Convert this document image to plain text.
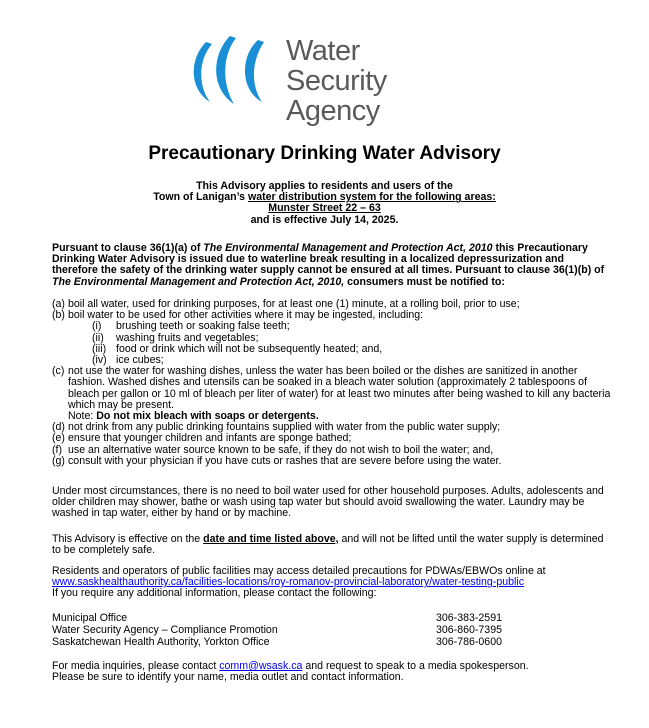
Water Security
Agency
Precautionary Drinking Water Advisory
This Advisory applies to residents and users of the
Town of Lanigan’s water distribution system for the following areas:
Munster Street 22 – 63
and is effective July 14, 2025.
Pursuant to clause 36(1)(a) of The Environmental Management and Protection Act, 2010 this Precautionary Drinking Water Advisory is issued due to waterline break resulting in a localized depressurization and therefore the safety of the drinking water supply cannot be ensured at all times. Pursuant to clause 36(1)(b) of The Environmental Management and Protection Act, 2010, consumers must be notified to:
(a) boil all water, used for drinking purposes, for at least one (1) minute, at a rolling boil, prior to use;
(b) boil water to be used for other activities where it may be ingested, including:
(i) brushing teeth or soaking false teeth;
(ii) washing fruits and vegetables;
(iii) food or drink which will not be subsequently heated; and,
(iv) ice cubes;
(c) not use the water for washing dishes, unless the water has been boiled or the dishes are sanitized in another fashion. Washed dishes and utensils can be soaked in a bleach water solution (approximately 2 tablespoons of bleach per gallon or 10 ml of bleach per liter of water) for at least two minutes after being washed to kill any bacteria which may be present.
Note: Do not mix bleach with soaps or detergents.
(d) not drink from any public drinking fountains supplied with water from the public water supply;
(e) ensure that younger children and infants are sponge bathed;
(f) use an alternative water source known to be safe, if they do not wish to boil the water; and,
(g) consult with your physician if you have cuts or rashes that are severe before using the water.
Under most circumstances, there is no need to boil water used for other household purposes. Adults, adolescents and older children may shower, bathe or wash using tap water but should avoid swallowing the water. Laundry may be washed in tap water, either by hand or by machine.
This Advisory is effective on the date and time listed above, and will not be lifted until the water supply is determined to be completely safe.
Residents and operators of public facilities may access detailed precautions for PDWAs/EBWOs online at
www.saskhealthauthority.ca/facilities-locations/roy-romanov-provincial-laboratory/water-testing-public
If you require any additional information, please contact the following:
Municipal Office	306-383-2591
Water Security Agency – Compliance Promotion	306-860-7395
Saskatchewan Health Authority, Yorkton Office	306-786-0600
For media inquiries, please contact comm@wsask.ca and request to speak to a media spokesperson.
Please be sure to identify your name, media outlet and contact information.
